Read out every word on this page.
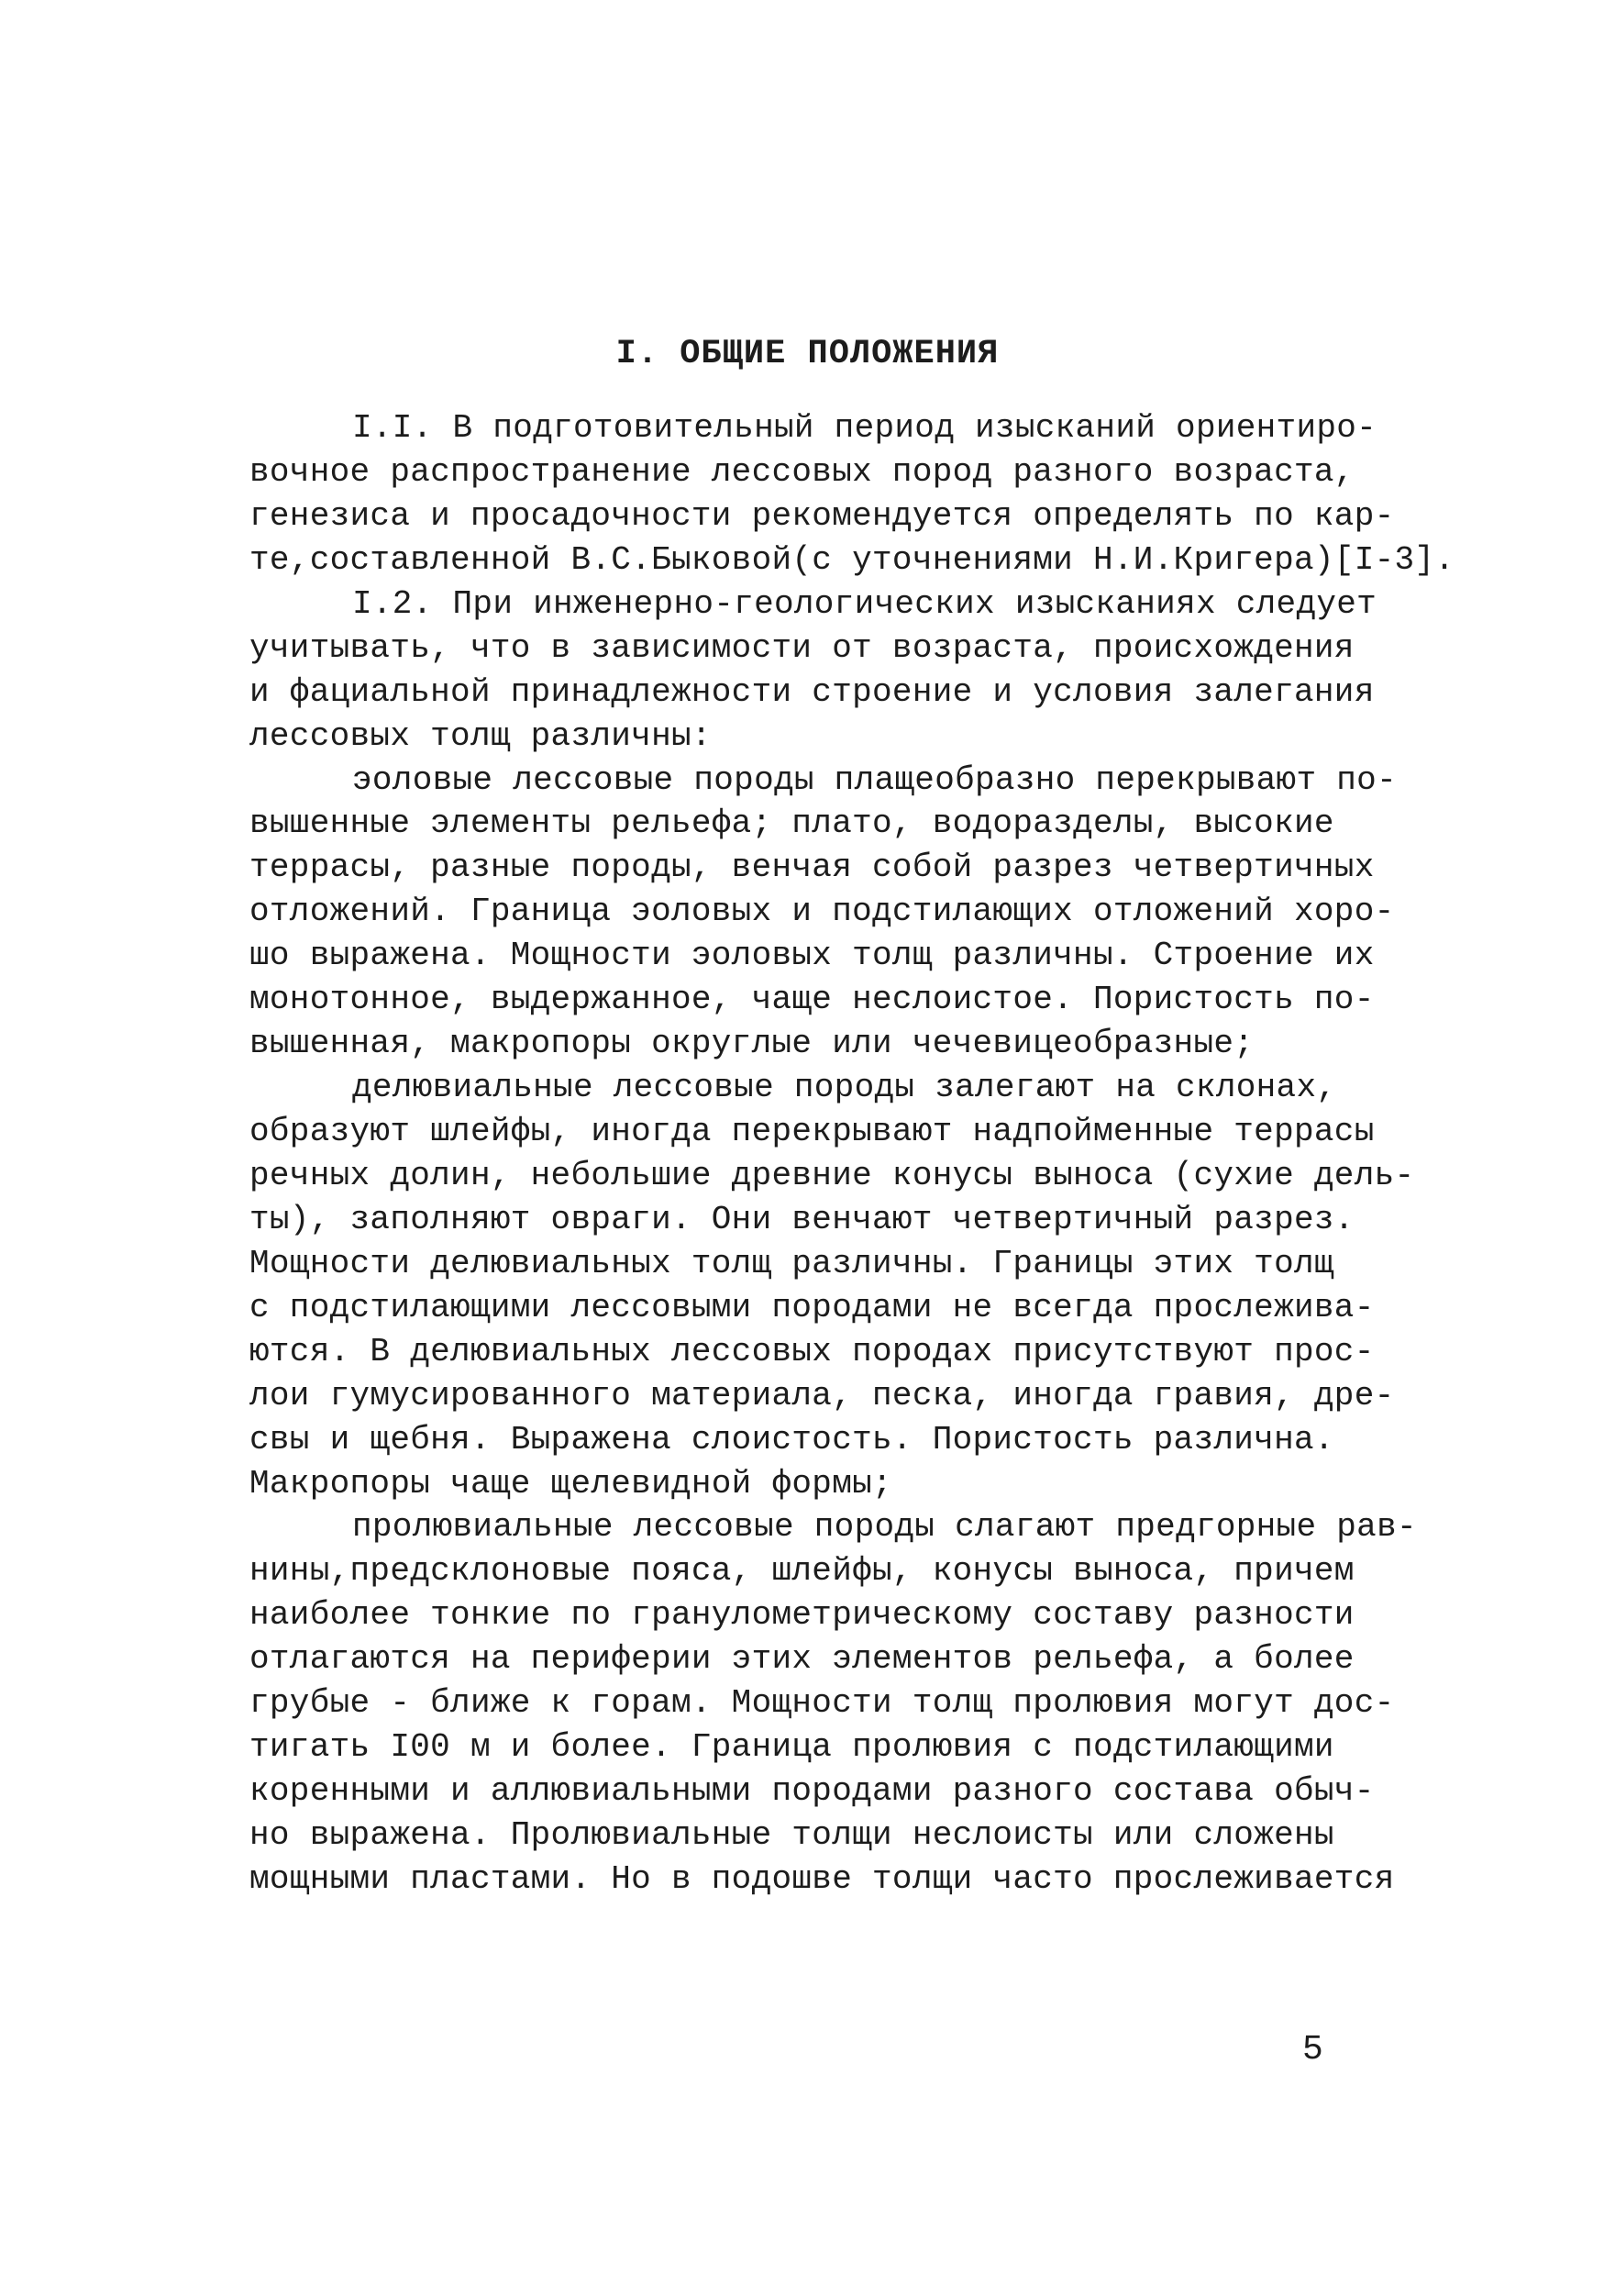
I. ОБЩИЕ ПОЛОЖЕНИЯ
I.I. В подготовительный период изысканий ориентиро-
вочное распространение лессовых пород разного возраста,
генезиса и просадочности рекомендуется определять по кар-
те,составленной В.С.Быковой(с уточнениями Н.И.Кригера)[I-3].
I.2. При инженерно-геологических изысканиях следует
учитывать, что в зависимости от возраста, происхождения
и фациальной принадлежности строение и условия залегания
лессовых толщ различны:
эоловые лессовые породы плащеобразно перекрывают по-
вышенные элементы рельефа; плато, водоразделы, высокие
террасы, разные породы, венчая собой разрез четвертичных
отложений. Граница эоловых и подстилающих отложений хоро-
шо выражена. Мощности эоловых толщ различны. Строение их
монотонное, выдержанное, чаще неслоистое. Пористость по-
вышенная, макропоры округлые или чечевицеобразные;
делювиальные лессовые породы залегают на склонах,
образуют шлейфы, иногда перекрывают надпойменные террасы
речных долин, небольшие древние конусы выноса (сухие дель-
ты), заполняют овраги. Они венчают четвертичный разрез.
Мощности делювиальных толщ различны. Границы этих толщ
с подстилающими лессовыми породами не всегда прослеживa-
ются. В делювиальных лессовых породах присутствуют прос-
лои гумусированного материала, песка, иногда гравия, дре-
свы и щебня. Выражена слоистость. Пористость различна.
Макропоры чаще щелевидной формы;
пролювиальные лессовые породы слагают предгорные рав-
нины,предсклоновые пояса, шлейфы, конусы выноса, причем
наиболее тонкие по гранулометрическому составу разности
отлагаются на периферии этих элементов рельефа, а более
грубые - ближе к горам. Мощности толщ пролювия могут дос-
тигать I00 м и более. Граница пролювия с подстилающими
коренными и аллювиальными породами разного состава обыч-
но выражена. Пролювиальные толщи неслоисты или сложены
мощными пластами. Но в подошве толщи часто прослеживается
5
